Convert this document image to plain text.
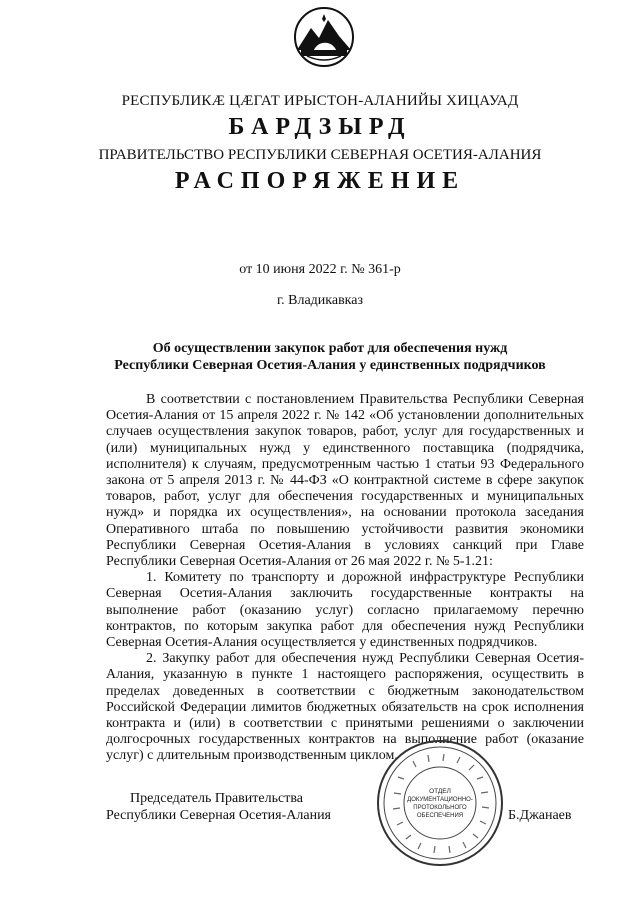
РЕСПУБЛИКӔ ЦӔГАТ ИРЫСТОН-АЛАНИЙЫ ХИЦАУАД
БАРДЗЫРД
ПРАВИТЕЛЬСТВО РЕСПУБЛИКИ СЕВЕРНАЯ ОСЕТИЯ-АЛАНИЯ
РАСПОРЯЖЕНИЕ
от 10 июня 2022 г. № 361-р
г. Владикавказ
Об осуществлении закупок работ для обеспечения нужд
Республики Северная Осетия-Алания у единственных подрядчиков

В соответствии с постановлением Правительства Республики Северная Осетия-Алания от 15 апреля 2022 г. № 142 «Об установлении дополнительных случаев осуществления закупок товаров, работ, услуг для государственных и (или) муниципальных нужд у единственного поставщика (подрядчика, исполнителя) к случаям, предусмотренным частью 1 статьи 93 Федерального закона от 5 апреля 2013 г. № 44-ФЗ «О контрактной системе в сфере закупок товаров, работ, услуг для обеспечения государственных и муниципальных нужд» и порядка их осуществления», на основании протокола заседания Оперативного штаба по повышению устойчивости развития экономики Республики Северная Осетия-Алания в условиях санкций при Главе Республики Северная Осетия-Алания от 26 мая 2022 г. № 5-1.21:

1. Комитету по транспорту и дорожной инфраструктуре Республики Северная Осетия-Алания заключить государственные контракты на выполнение работ (оказанию услуг) согласно прилагаемому перечню контрактов, по которым закупка работ для обеспечения нужд Республики Северная Осетия-Алания осуществляется у единственных подрядчиков.

2. Закупку работ для обеспечения нужд Республики Северная Осетия-Алания, указанную в пункте 1 настоящего распоряжения, осуществить в пределах доведенных в соответствии с бюджетным законодательством Российской Федерации лимитов бюджетных обязательств на срок исполнения контракта и (или) в соответствии с принятыми решениями о заключении долгосрочных государственных контрактов на выполнение работ (оказание услуг) с длительным производственным циклом.

Председатель Правительства
Республики Северная Осетия-Алания
ОТДЕЛ
ДОКУМЕНТАЦИОННО-
ПРОТОКОЛЬНОГО
ОБЕСПЕЧЕНИЯ	Б.Джанаев
